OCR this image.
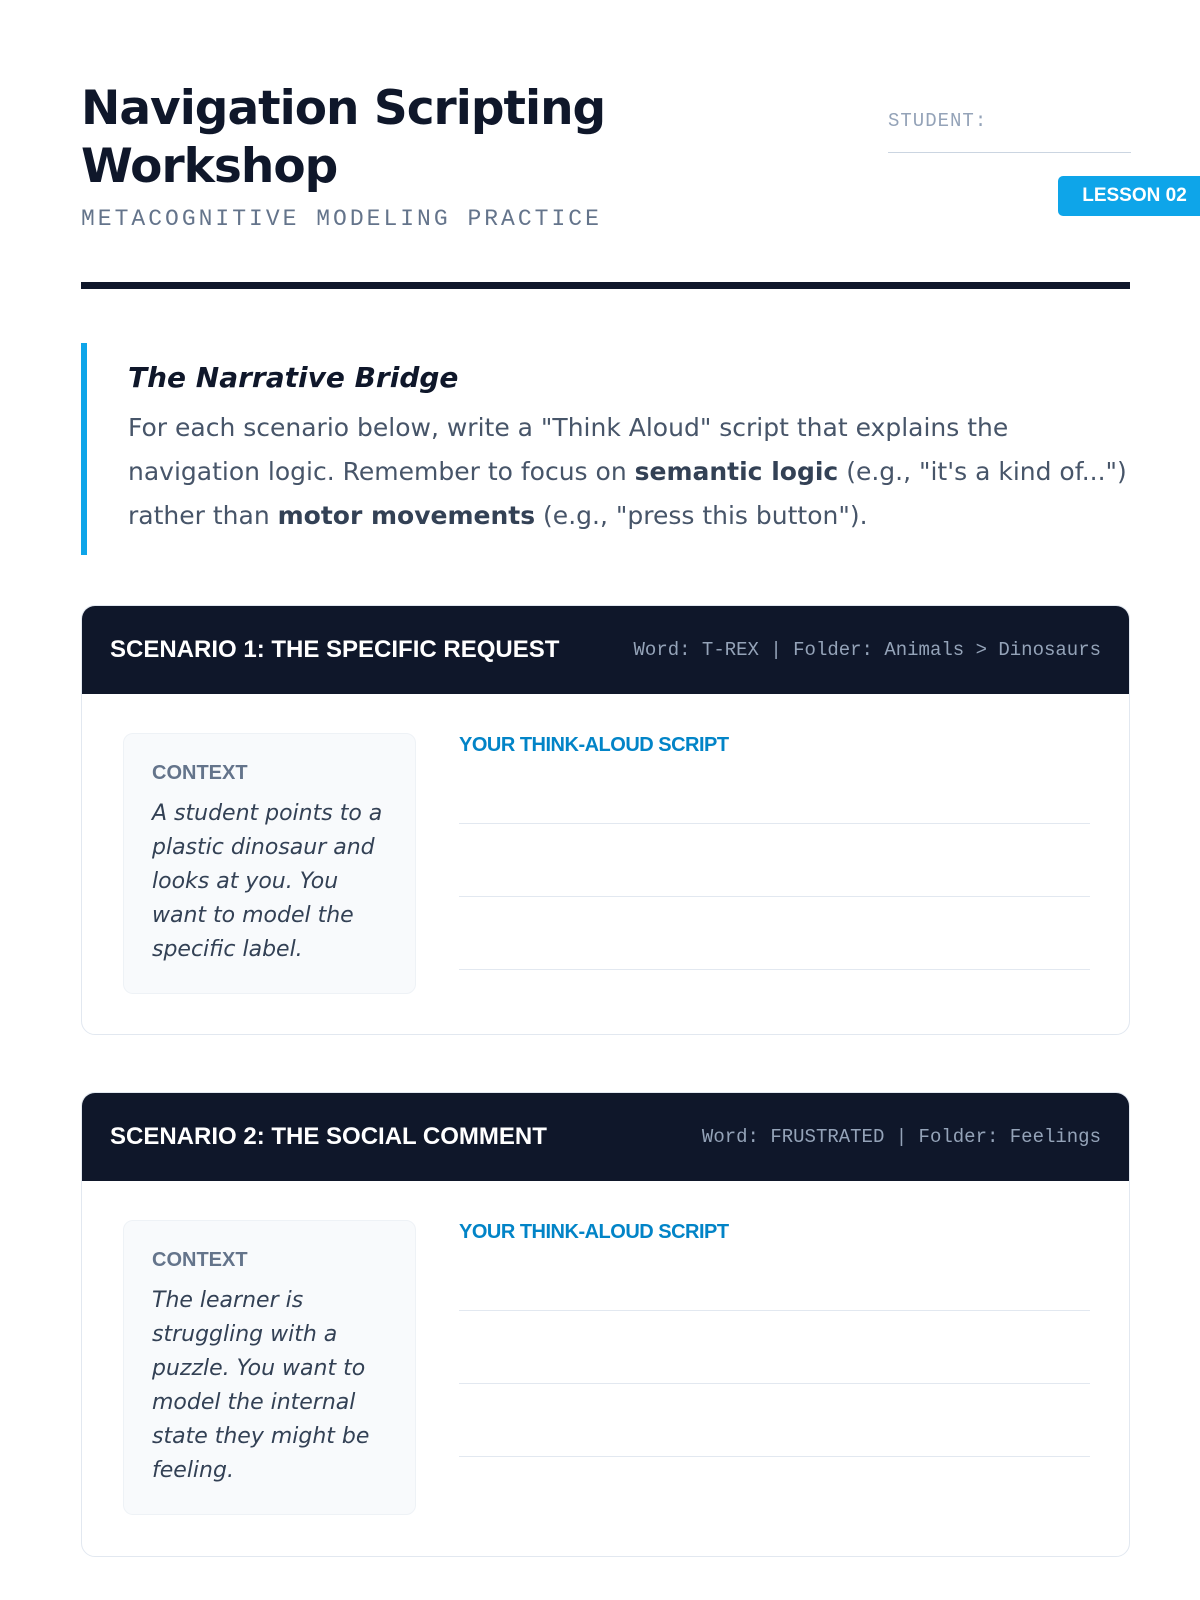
Navigation Scripting Workshop
METACOGNITIVE MODELING PRACTICE
STUDENT:
LESSON 02
The Narrative Bridge
For each scenario below, write a "Think Aloud" script that explains the navigation logic. Remember to focus on semantic logic (e.g., "it's a kind of...") rather than motor movements (e.g., "press this button").
SCENARIO 1: THE SPECIFIC REQUEST	Word: T-REX | Folder: Animals > Dinosaurs
CONTEXT
A student points to a plastic dinosaur and looks at you. You want to model the specific label.
YOUR THINK-ALOUD SCRIPT
SCENARIO 2: THE SOCIAL COMMENT	Word: FRUSTRATED | Folder: Feelings
CONTEXT
The learner is struggling with a puzzle. You want to model the internal state they might be feeling.
YOUR THINK-ALOUD SCRIPT
